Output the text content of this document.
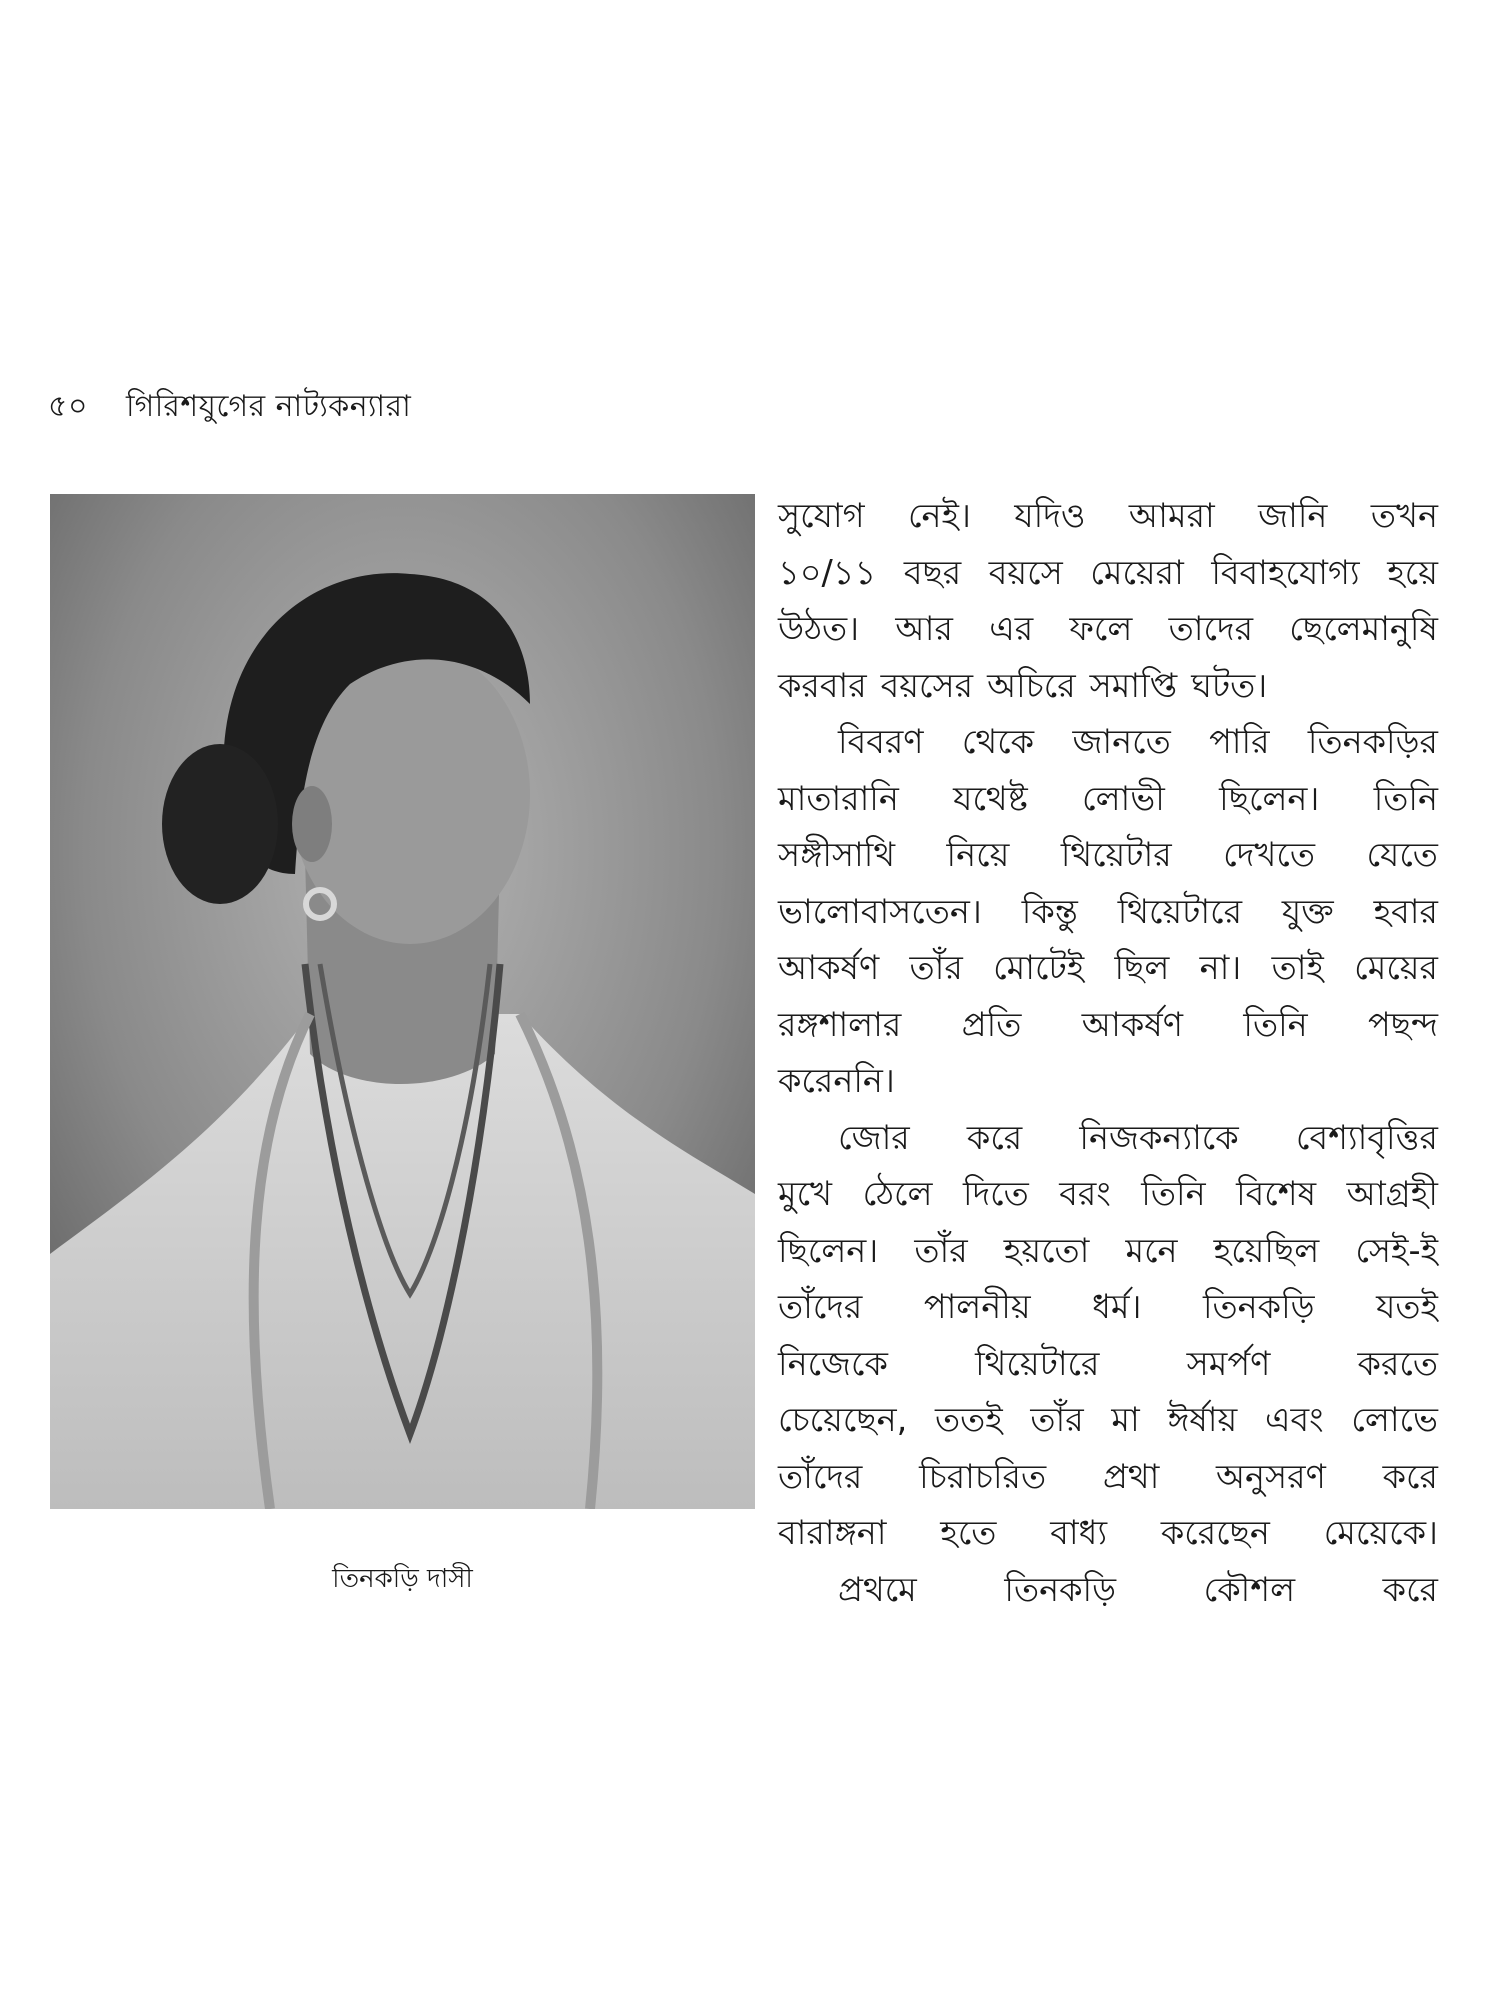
৫০ গিরিশযুগের নাট্যকন্যারা
তিনকড়ি দাসী
সুযোগ নেই। যদিও আমরা জানি তখন
১০/১১ বছর বয়সে মেয়েরা বিবাহযোগ্য হয়ে
উঠত। আর এর ফলে তাদের ছেলেমানুষি
করবার বয়সের অচিরে সমাপ্তি ঘটত।
বিবরণ থেকে জানতে পারি তিনকড়ির
মাতারানি যথেষ্ট লোভী ছিলেন। তিনি
সঙ্গীসাথি নিয়ে থিয়েটার দেখতে যেতে
ভালোবাসতেন। কিন্তু থিয়েটারে যুক্ত হবার
আকর্ষণ তাঁর মোটেই ছিল না। তাই মেয়ের
রঙ্গশালার প্রতি আকর্ষণ তিনি পছন্দ
করেননি।
জোর করে নিজকন্যাকে বেশ্যাবৃত্তির
মুখে ঠেলে দিতে বরং তিনি বিশেষ আগ্রহী
ছিলেন। তাঁর হয়তো মনে হয়েছিল সেই-ই
তাঁদের পালনীয় ধর্ম। তিনকড়ি যতই
নিজেকে	থিয়েটারে	সমর্পণ	করতে
চেয়েছেন, ততই তাঁর মা ঈর্ষায় এবং লোভে
তাঁদের চিরাচরিত প্রথা অনুসরণ করে
বারাঙ্গনা হতে বাধ্য করেছেন মেয়েকে।
প্রথমে	তিনকড়ি	কৌশল	করে
